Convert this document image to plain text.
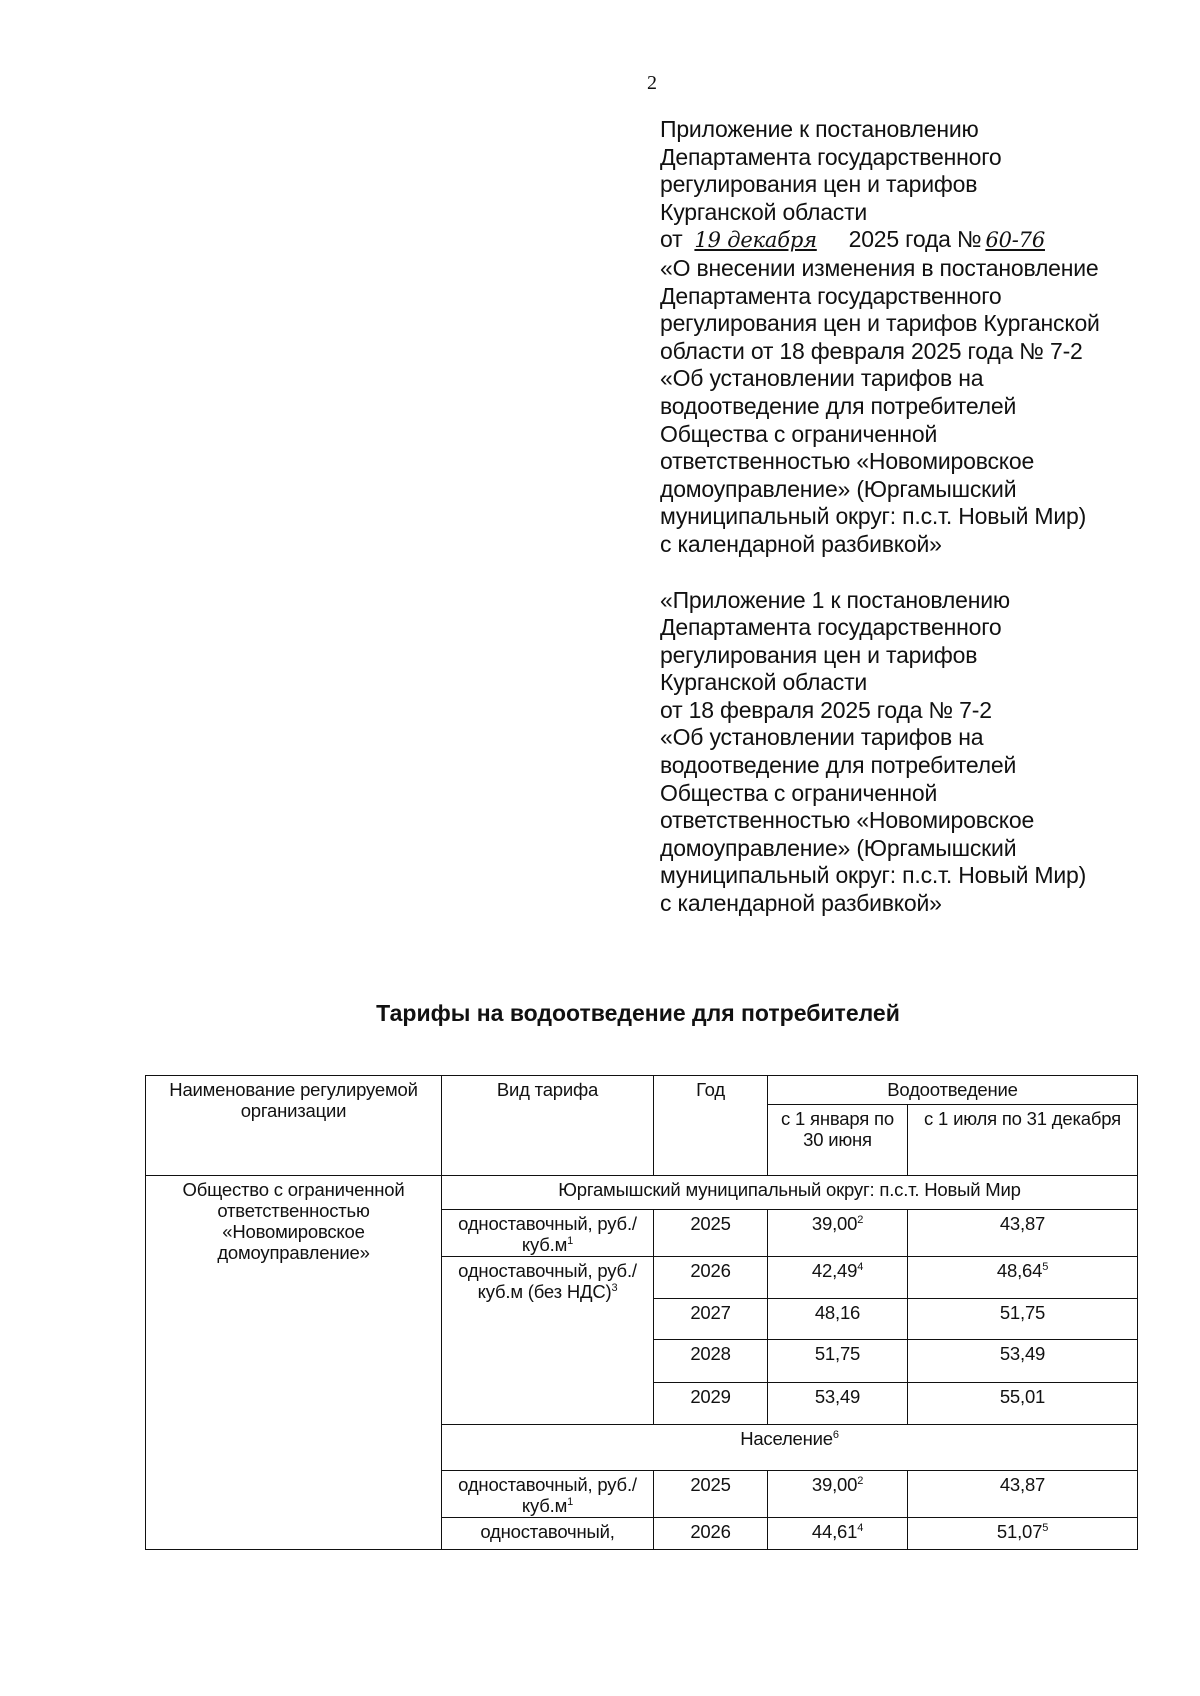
2
Приложение к постановлению
Департамента государственного
регулирования цен и тарифов
Курганской области
от 19 декабря 2025 года № 60-76
«О внесении изменения в постановление
Департамента государственного
регулирования цен и тарифов Курганской
области от 18 февраля 2025 года № 7-2
«Об установлении тарифов на
водоотведение для потребителей
Общества с ограниченной
ответственностью «Новомировское
домоуправление» (Юргамышский
муниципальный округ: п.с.т. Новый Мир)
с календарной разбивкой»
«Приложение 1 к постановлению
Департамента государственного
регулирования цен и тарифов
Курганской области
от 18 февраля 2025 года № 7-2
«Об установлении тарифов на
водоотведение для потребителей
Общества с ограниченной
ответственностью «Новомировское
домоуправление» (Юргамышский
муниципальный округ: п.с.т. Новый Мир)
с календарной разбивкой»
Тарифы на водоотведение для потребителей
Наименование регулируемой организации	Вид тарифа	Год	Водоотведение	
			с 1 января по 30 июня	с 1 июля по 31 декабря
Общество с ограниченной ответственностью «Новомировское домоуправление»	Юргамышский муниципальный округ: п.с.т. Новый Мир			
	одноставочный, $руб./куб.м^1$	2025	39,00$^2$	43,87
	одноставочный, руб./куб.м (без НДС)$^3$	2026	42,49$^4$	48,64$^5$
		2027	48,16	51,75
		2028	51,75	53,49
		2029	53,49	55,01
	Население$^6$
	одноставочный, $руб./куб.м^1$	2025	39,00$^2$	43,87
	одноставочный,	2026	44,61$^4$	51,07$^5$
